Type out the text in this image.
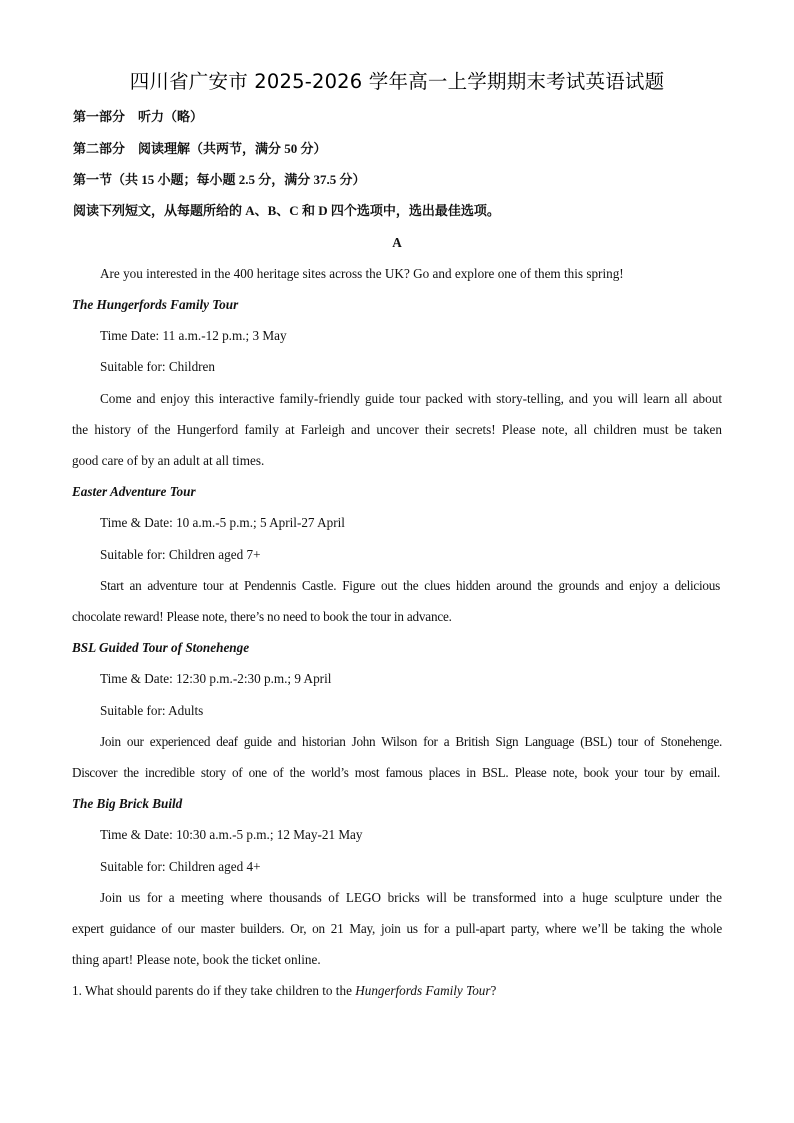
四川省广安市 2025-2026 学年高一上学期期末考试英语试题
第一部分　听力（略）
第二部分　阅读理解（共两节，满分 50 分）
第一节（共 15 小题；每小题 2.5 分，满分 37.5 分）
阅读下列短文，从每题所给的 A、B、C 和 D 四个选项中，选出最佳选项。
A
Are you interested in the 400 heritage sites across the UK? Go and explore one of them this spring!
The Hungerfords Family Tour
Time Date: 11 a.m.-12 p.m.; 3 May
Suitable for: Children
Come and enjoy this interactive family-friendly guide tour packed with story-telling, and you will learn all about
the history of the Hungerford family at Farleigh and uncover their secrets! Please note, all children must be taken
good care of by an adult at all times.
Easter Adventure Tour
Time & Date: 10 a.m.-5 p.m.; 5 April-27 April
Suitable for: Children aged 7+
Start an adventure tour at Pendennis Castle. Figure out the clues hidden around the grounds and enjoy a delicious
chocolate reward! Please note, there’s no need to book the tour in advance.
BSL Guided Tour of Stonehenge
Time & Date: 12:30 p.m.-2:30 p.m.; 9 April
Suitable for: Adults
Join our experienced deaf guide and historian John Wilson for a British Sign Language (BSL) tour of Stonehenge.
Discover the incredible story of one of the world’s most famous places in BSL. Please note, book your tour by email.
The Big Brick Build
Time & Date: 10:30 a.m.-5 p.m.; 12 May-21 May
Suitable for: Children aged 4+
Join us for a meeting where thousands of LEGO bricks will be transformed into a huge sculpture under the
expert guidance of our master builders. Or, on 21 May, join us for a pull-apart party, where we’ll be taking the whole
thing apart! Please note, book the ticket online.
1. What should parents do if they take children to the Hungerfords Family Tour?
